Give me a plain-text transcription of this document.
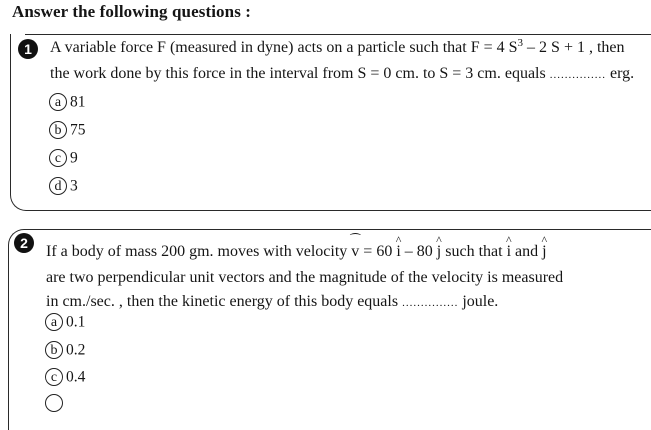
Answer the following questions :
1	A variable force F (measured in dyne) acts on a particle such that F = 4 $S^3 - 2$ S + 1 , then
the work done by this force in the interval from S = 0 cm. to S = 3 cm. equals ............... erg.
a 81
b 75
c 9
d 3
2	If a body of mass 200 gm. moves with velocity ⁀ v = 60 ^ i – 80 ^ j such that ^ i and ^ j
are two perpendicular unit vectors and the magnitude of the velocity is measured
in cm./sec. , then the kinetic energy of this body equals ............... joule.
a 0.1
b 0.2
c 0.4
